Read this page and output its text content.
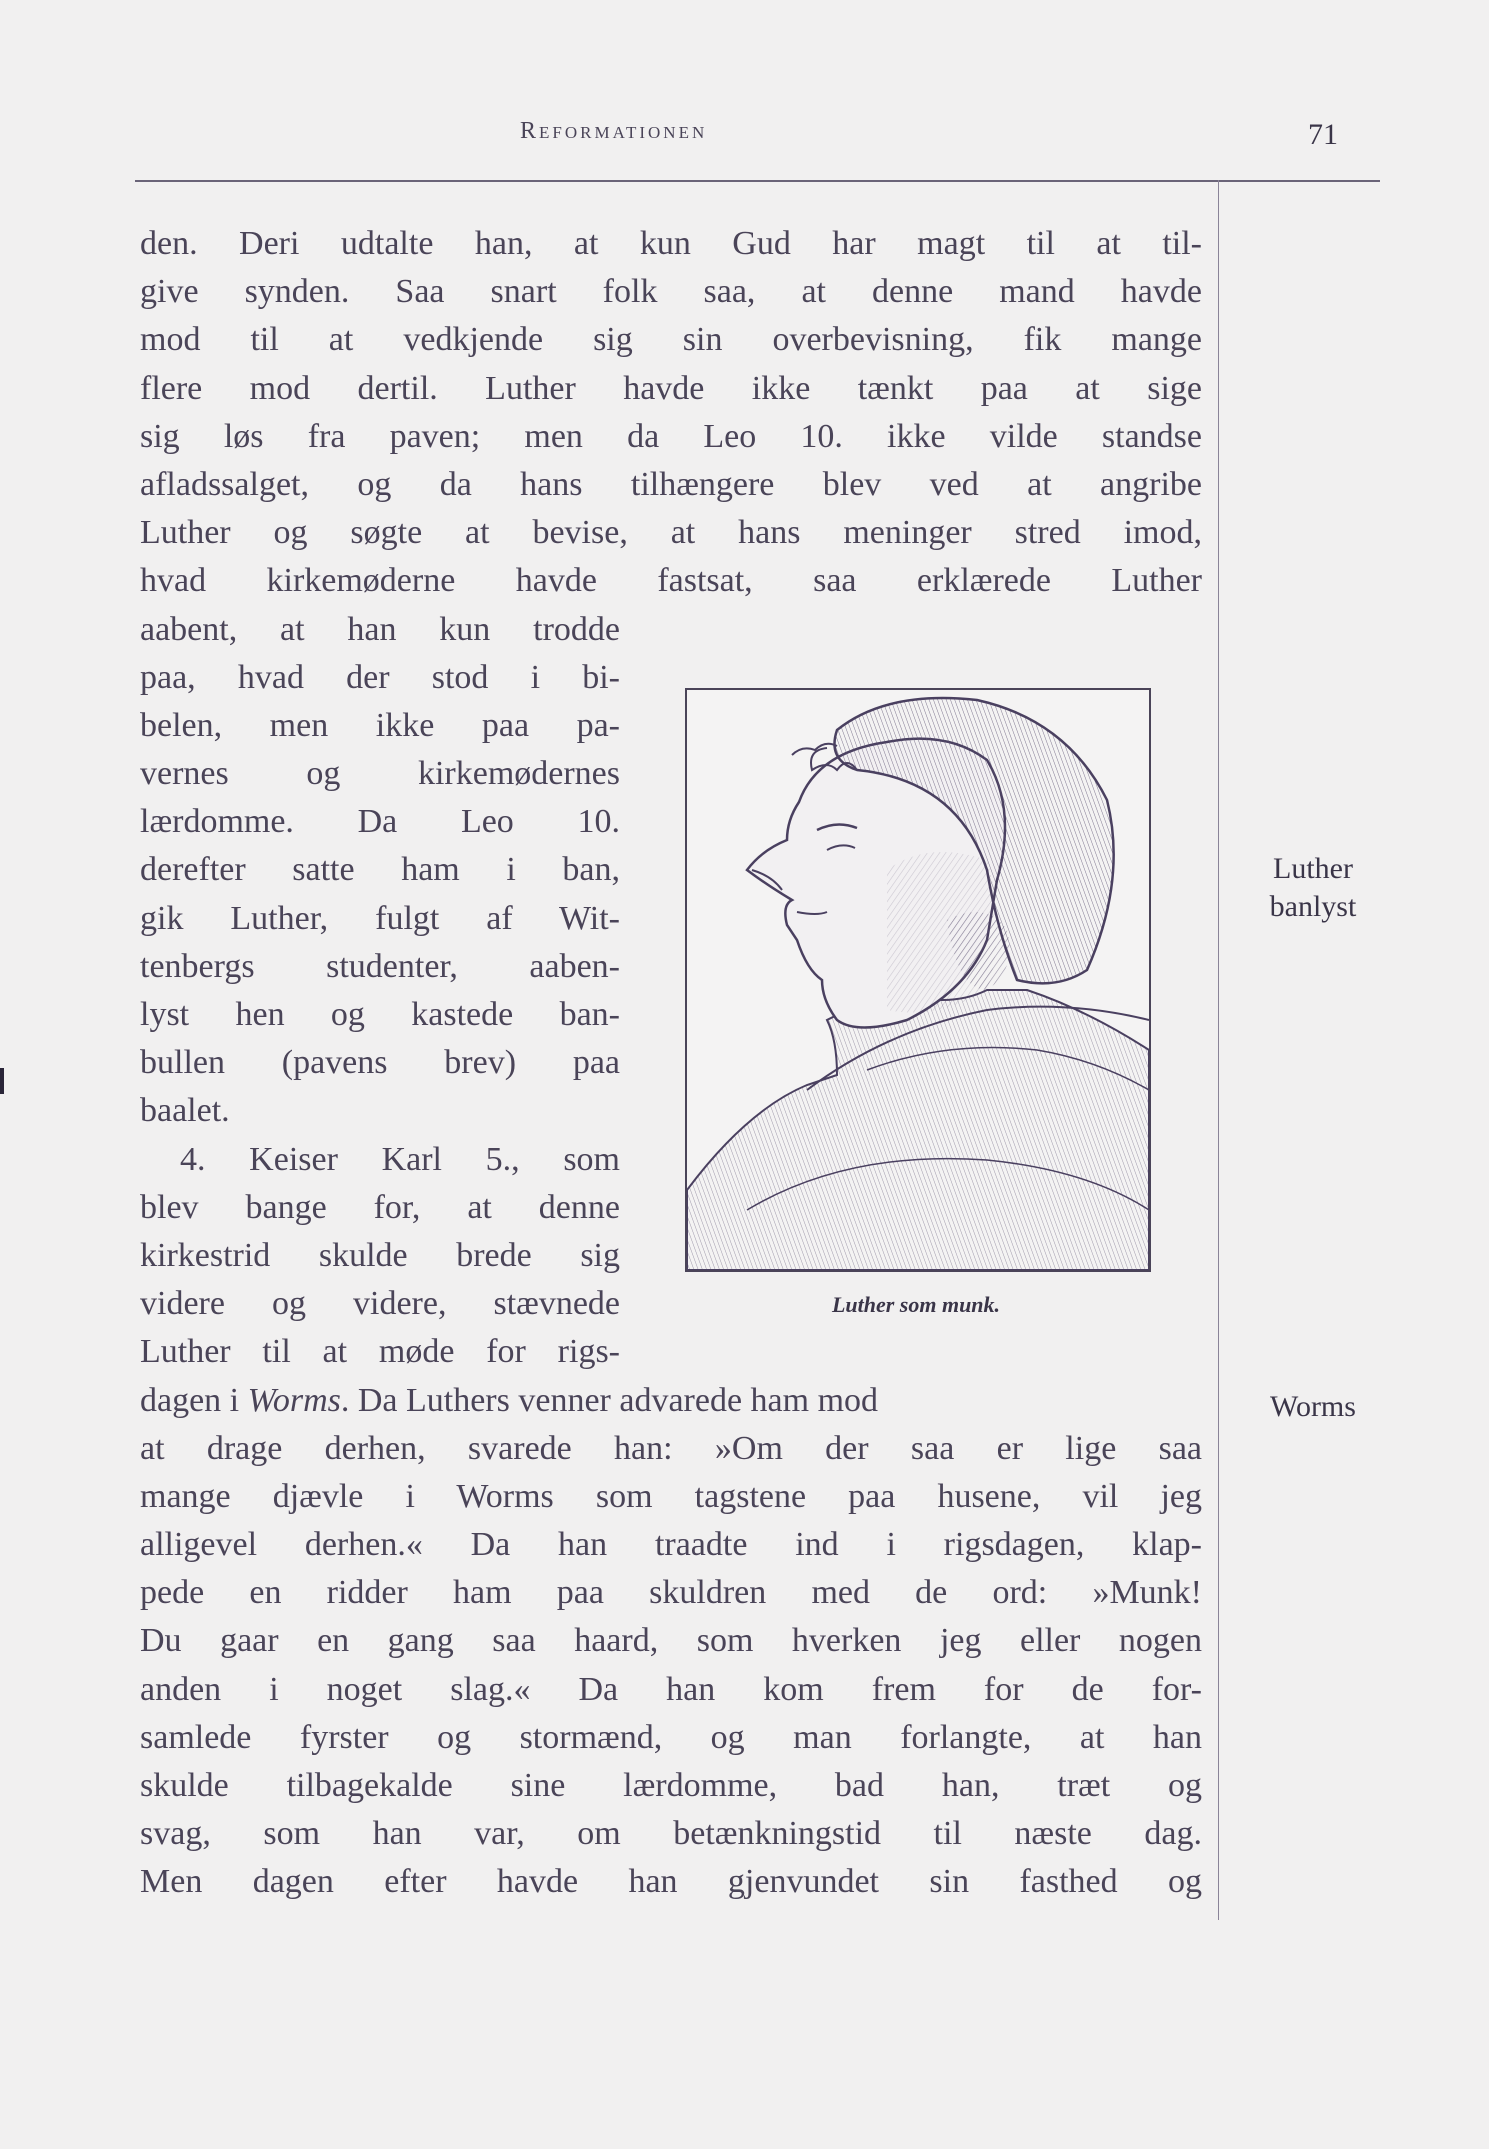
Reformationen	71
den. Deri udtalte han, at kun Gud har magt til at til-
give synden. Saa snart folk saa, at denne mand havde
mod til at vedkjende sig sin overbevisning, fik mange
flere mod dertil. Luther havde ikke tænkt paa at sige
sig løs fra paven; men da Leo 10. ikke vilde standse
afladssalget, og da hans tilhængere blev ved at angribe
Luther og søgte at bevise, at hans meninger stred imod,
hvad kirkemøderne havde fastsat, saa erklærede Luther
aabent, at han kun trodde
paa, hvad der stod i bi-
belen, men ikke paa pa-
vernes og kirkemødernes
lærdomme. Da Leo 10.
derefter satte ham i ban,
gik Luther, fulgt af Wit-
tenbergs studenter, aaben-
lyst hen og kastede ban-
bullen (pavens brev) paa
baalet.
4. Keiser Karl 5., som
blev bange for, at denne
kirkestrid skulde brede sig
videre og videre, stævnede
Luther til at møde for rigs-
dagen i Worms. Da Luthers venner advarede ham mod
at drage derhen, svarede han: »Om der saa er lige saa
mange djævle i Worms som tagstene paa husene, vil jeg
alligevel derhen.« Da han traadte ind i rigsdagen, klap-
pede en ridder ham paa skuldren med de ord: »Munk!
Du gaar en gang saa haard, som hverken jeg eller nogen
anden i noget slag.« Da han kom frem for de for-
samlede fyrster og stormænd, og man forlangte, at han
skulde tilbagekalde sine lærdomme, bad han, træt og
svag, som han var, om betænkningstid til næste dag.
Men dagen efter havde han gjenvundet sin fasthed og
Luther som munk.
Luther
banlyst
Worms
